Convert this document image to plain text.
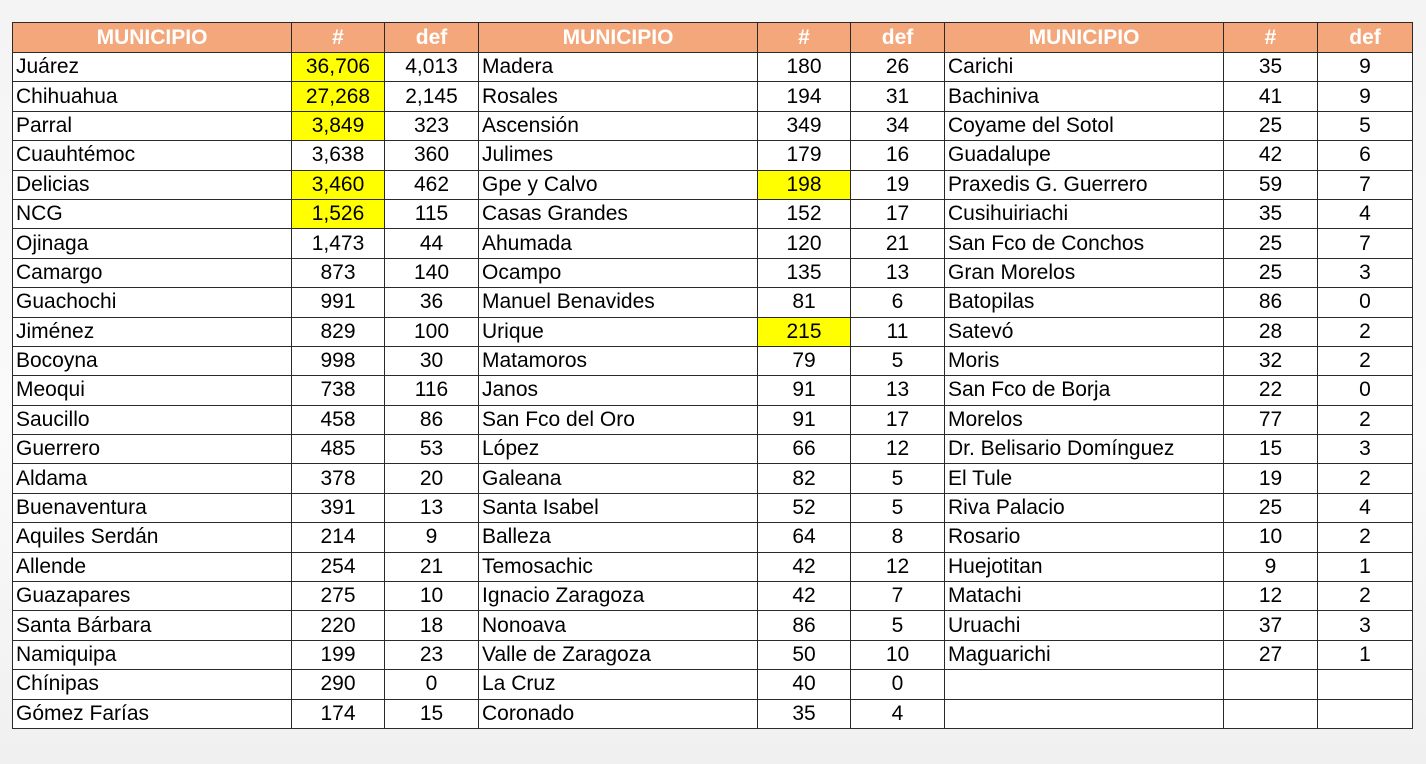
MUNICIPIO	#	def	MUNICIPIO	#	def	MUNICIPIO	#	def
Juárez	36,706	4,013	Madera	180	26	Carichi	35	9
Chihuahua	27,268	2,145	Rosales	194	31	Bachiniva	41	9
Parral	3,849	323	Ascensión	349	34	Coyame del Sotol	25	5
Cuauhtémoc	3,638	360	Julimes	179	16	Guadalupe	42	6
Delicias	3,460	462	Gpe y Calvo	198	19	Praxedis G. Guerrero	59	7
NCG	1,526	115	Casas Grandes	152	17	Cusihuiriachi	35	4
Ojinaga	1,473	44	Ahumada	120	21	San Fco de Conchos	25	7
Camargo	873	140	Ocampo	135	13	Gran Morelos	25	3
Guachochi	991	36	Manuel Benavides	81	6	Batopilas	86	0
Jiménez	829	100	Urique	215	11	Satevó	28	2
Bocoyna	998	30	Matamoros	79	5	Moris	32	2
Meoqui	738	116	Janos	91	13	San Fco de Borja	22	0
Saucillo	458	86	San Fco del Oro	91	17	Morelos	77	2
Guerrero	485	53	López	66	12	Dr. Belisario Domínguez	15	3
Aldama	378	20	Galeana	82	5	El Tule	19	2
Buenaventura	391	13	Santa Isabel	52	5	Riva Palacio	25	4
Aquiles Serdán	214	9	Balleza	64	8	Rosario	10	2
Allende	254	21	Temosachic	42	12	Huejotitan	9	1
Guazapares	275	10	Ignacio Zaragoza	42	7	Matachi	12	2
Santa Bárbara	220	18	Nonoava	86	5	Uruachi	37	3
Namiquipa	199	23	Valle de Zaragoza	50	10	Maguarichi	27	1
Chínipas	290	0	La Cruz	40	0			
Gómez Farías	174	15	Coronado	35	4			
